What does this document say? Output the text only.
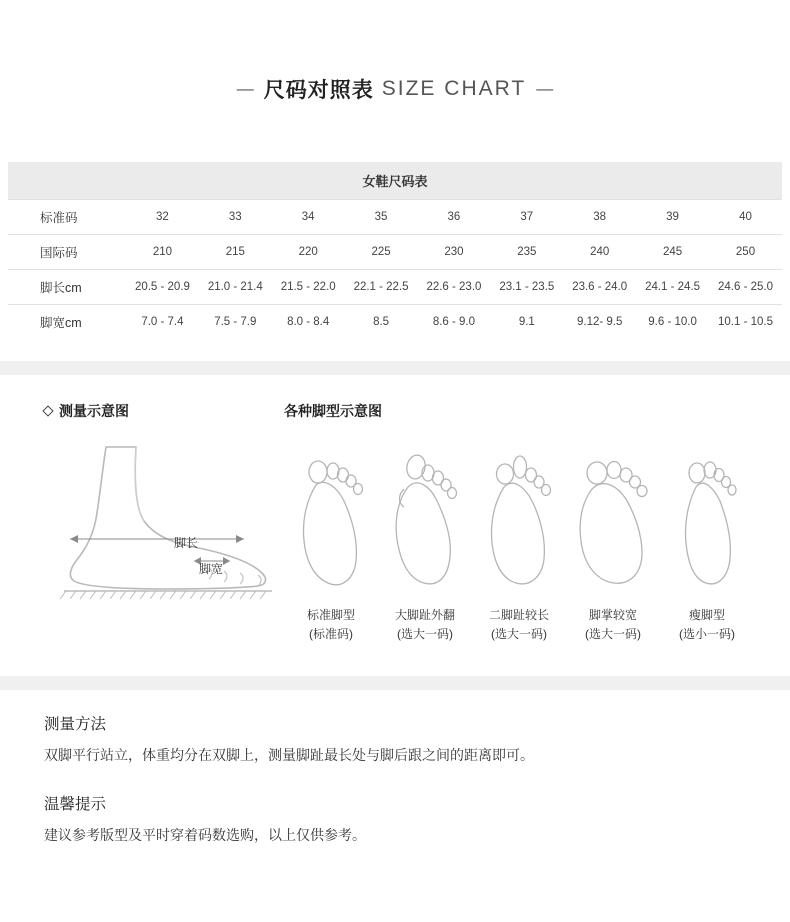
— 尺码对照表 SIZE CHART —
女鞋尺码表									
标准码	32	33	34	35	36	37	38	39	40
国际码	210	215	220	225	230	235	240	245	250
脚长cm	20.5 - 20.9	21.0 - 21.4	21.5 - 22.0	22.1 - 22.5	22.6 - 23.0	23.1 - 23.5	23.6 - 24.0	24.1 - 24.5	24.6 - 25.0
脚宽cm	7.0 - 7.4	7.5 - 7.9	8.0 - 8.4	8.5	8.6 - 9.0	9.1	9.12- 9.5	9.6 - 10.0	10.1 - 10.5
测量示意图
脚长
脚宽
各种脚型示意图
标准脚型
(标准码)
大脚趾外翻
(选大一码)
二脚趾较长
(选大一码)
脚掌较宽
(选大一码)
瘦脚型
(选小一码)
测量方法

双脚平行站立，体重均分在双脚上，测量脚趾最长处与脚后跟之间的距离即可。

温馨提示

建议参考版型及平时穿着码数选购，以上仅供参考。
